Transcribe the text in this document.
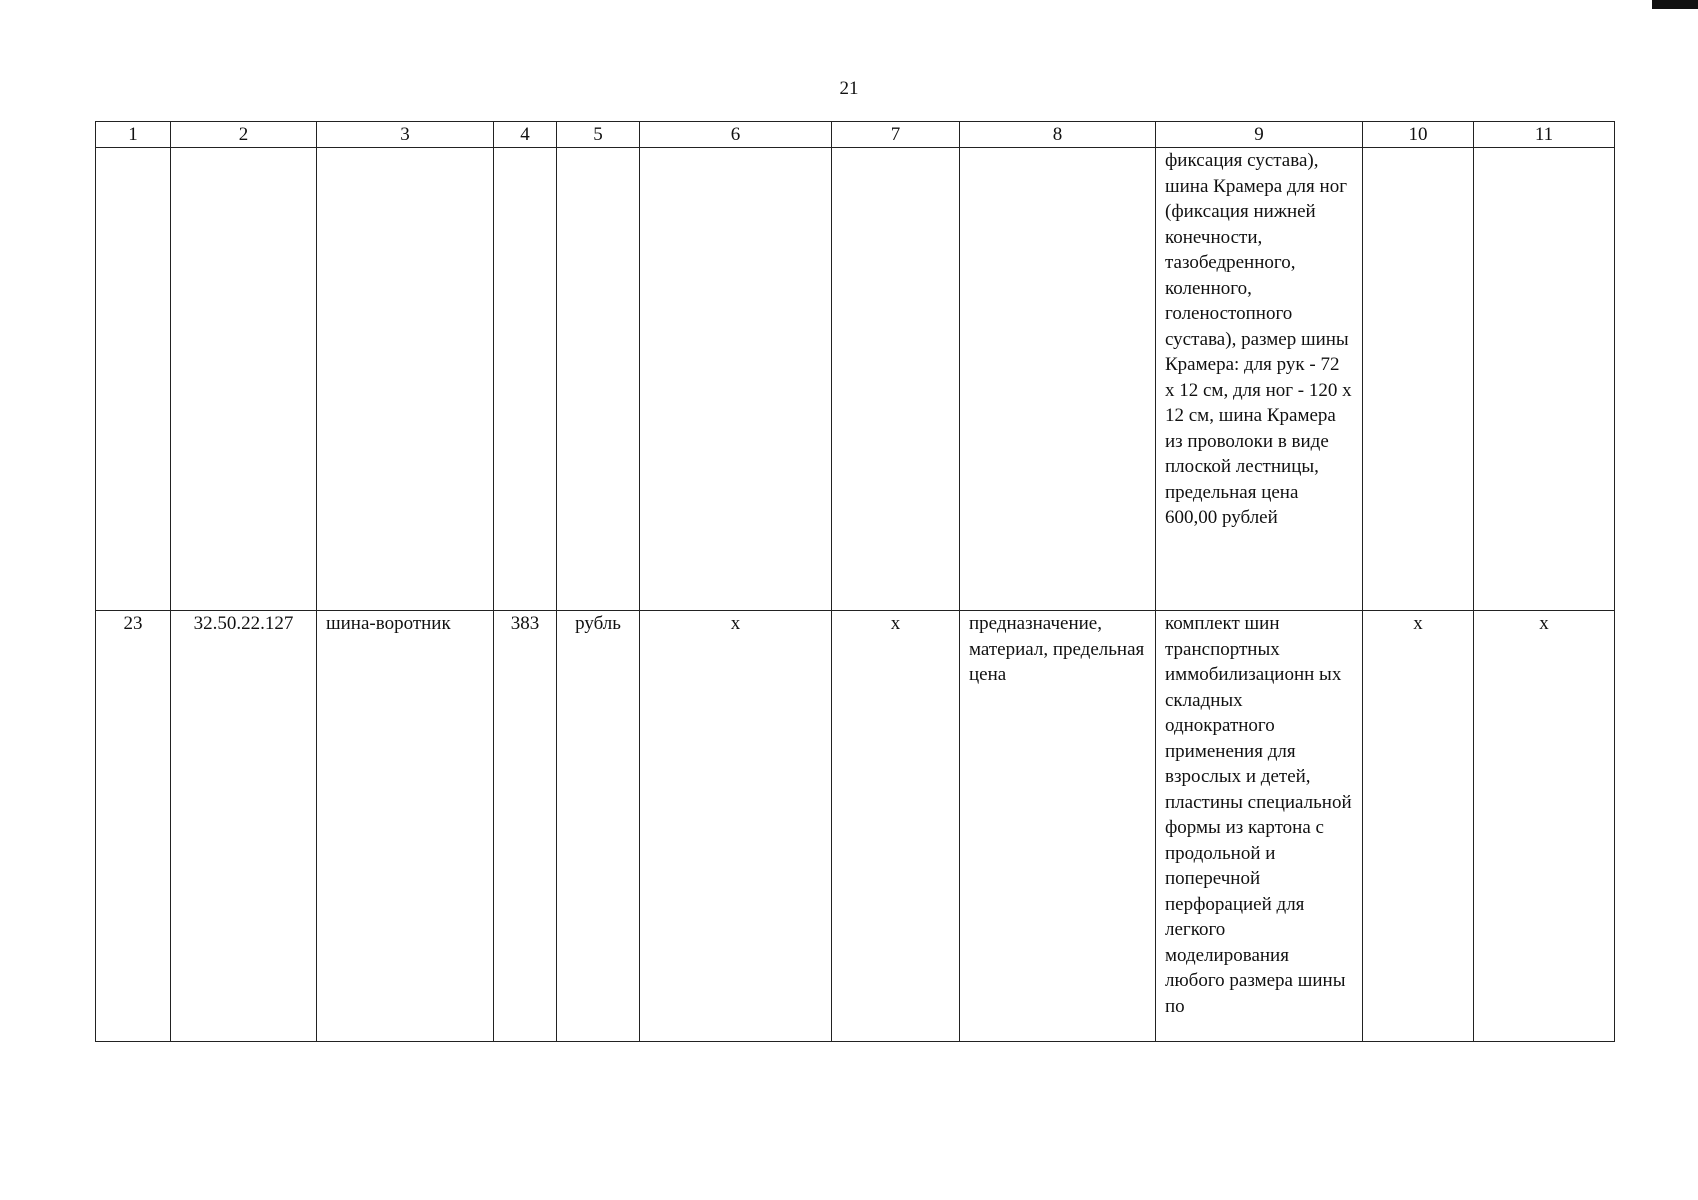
21
1	2	3	4	5	6	7	8	9	10	11
								фиксация сустава), шина Крамера для ног (фиксация нижней конечности, тазобедренного, коленного, голеностопного сустава), размер шины Крамера: для рук - 72 х 12 см, для ног - 120 х 12 см, шина Крамера из проволоки в виде плоской лестницы, предельная цена 600,00 рублей		
23	32.50.22.127	шина-воротник	383	рубль	x	x	предназначение, материал, предельная цена	комплект шин транспортных иммобилизационн ых складных однократного применения для взрослых и детей, пластины специальной формы из картона с продольной и поперечной перфорацией для легкого моделирования любого размера шины по	x	x
